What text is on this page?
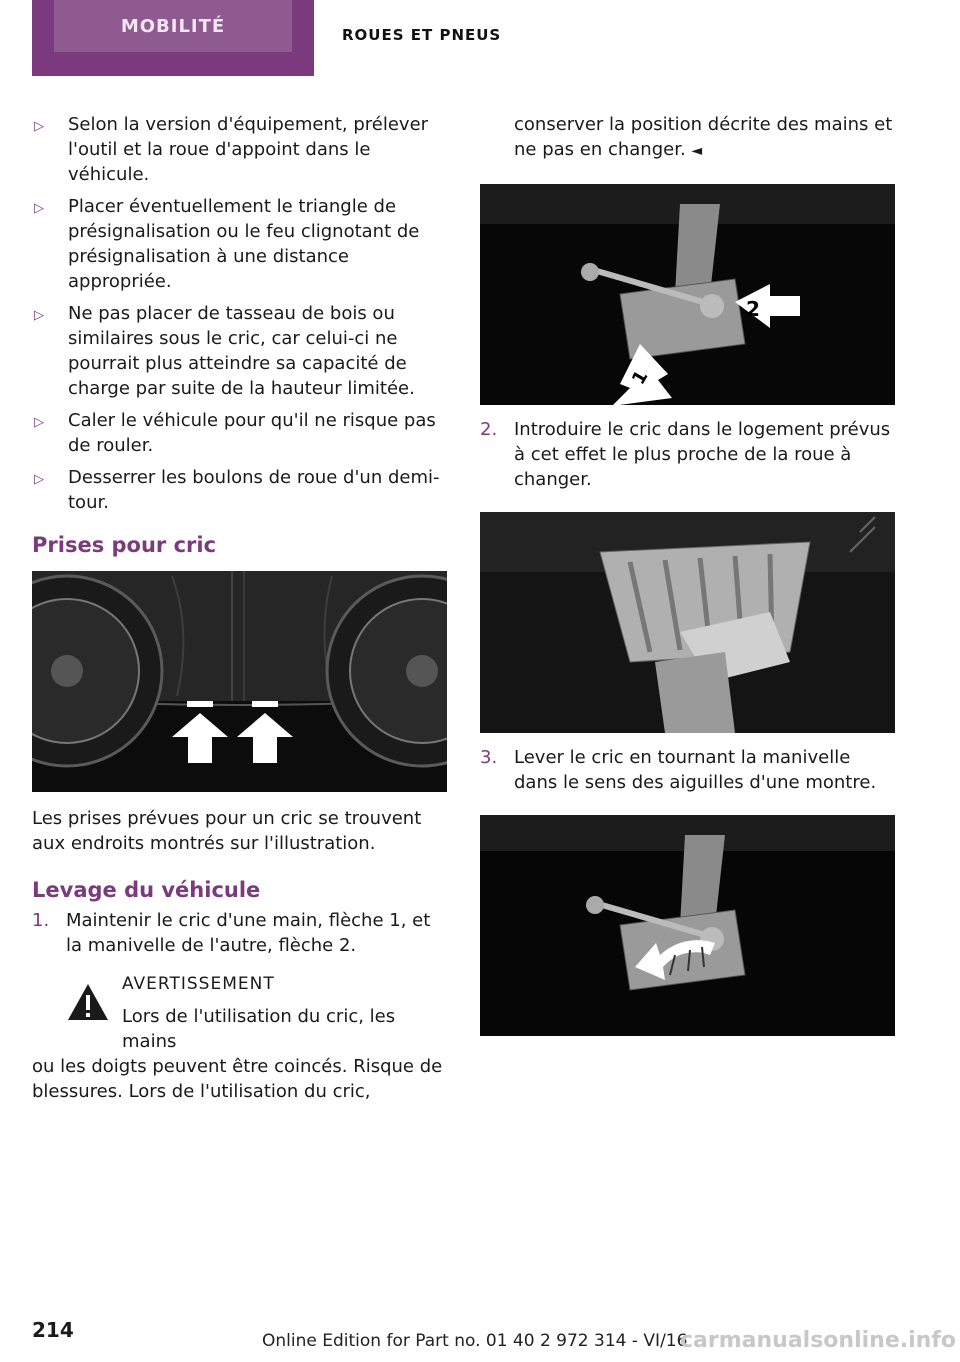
MOBILITÉ	ROUES ET PNEUS
▷	Selon la version d'équipement, prélever l'outil et la roue d'appoint dans le véhicule.
▷	Placer éventuellement le triangle de présignalisation ou le feu clignotant de présignalisation à une distance appropriée.
▷	Ne pas placer de tasseau de bois ou similaires sous le cric, car celui-ci ne pourrait plus atteindre sa capacité de charge par suite de la hauteur limitée.
▷	Caler le véhicule pour qu'il ne risque pas de rouler.
▷	Desserrer les boulons de roue d'un demi-tour.
Prises pour cric
Les prises prévues pour un cric se trouvent aux endroits montrés sur l'illustration.
Levage du véhicule
1. Maintenir le cric d'une main, flèche 1, et la manivelle de l'autre, flèche 2.
AVERTISSEMENT
Lors de l'utilisation du cric, les mains
ou les doigts peuvent être coincés. Risque de blessures. Lors de l'utilisation du cric,
conserver la position décrite des mains et ne pas en changer. ◄
2
1
2. Introduire le cric dans le logement prévus à cet effet le plus proche de la roue à changer.
3. Lever le cric en tournant la manivelle dans le sens des aiguilles d'une montre.
214	Online Edition for Part no. 01 40 2 972 314 - VI/16
carmanualsonline.info
